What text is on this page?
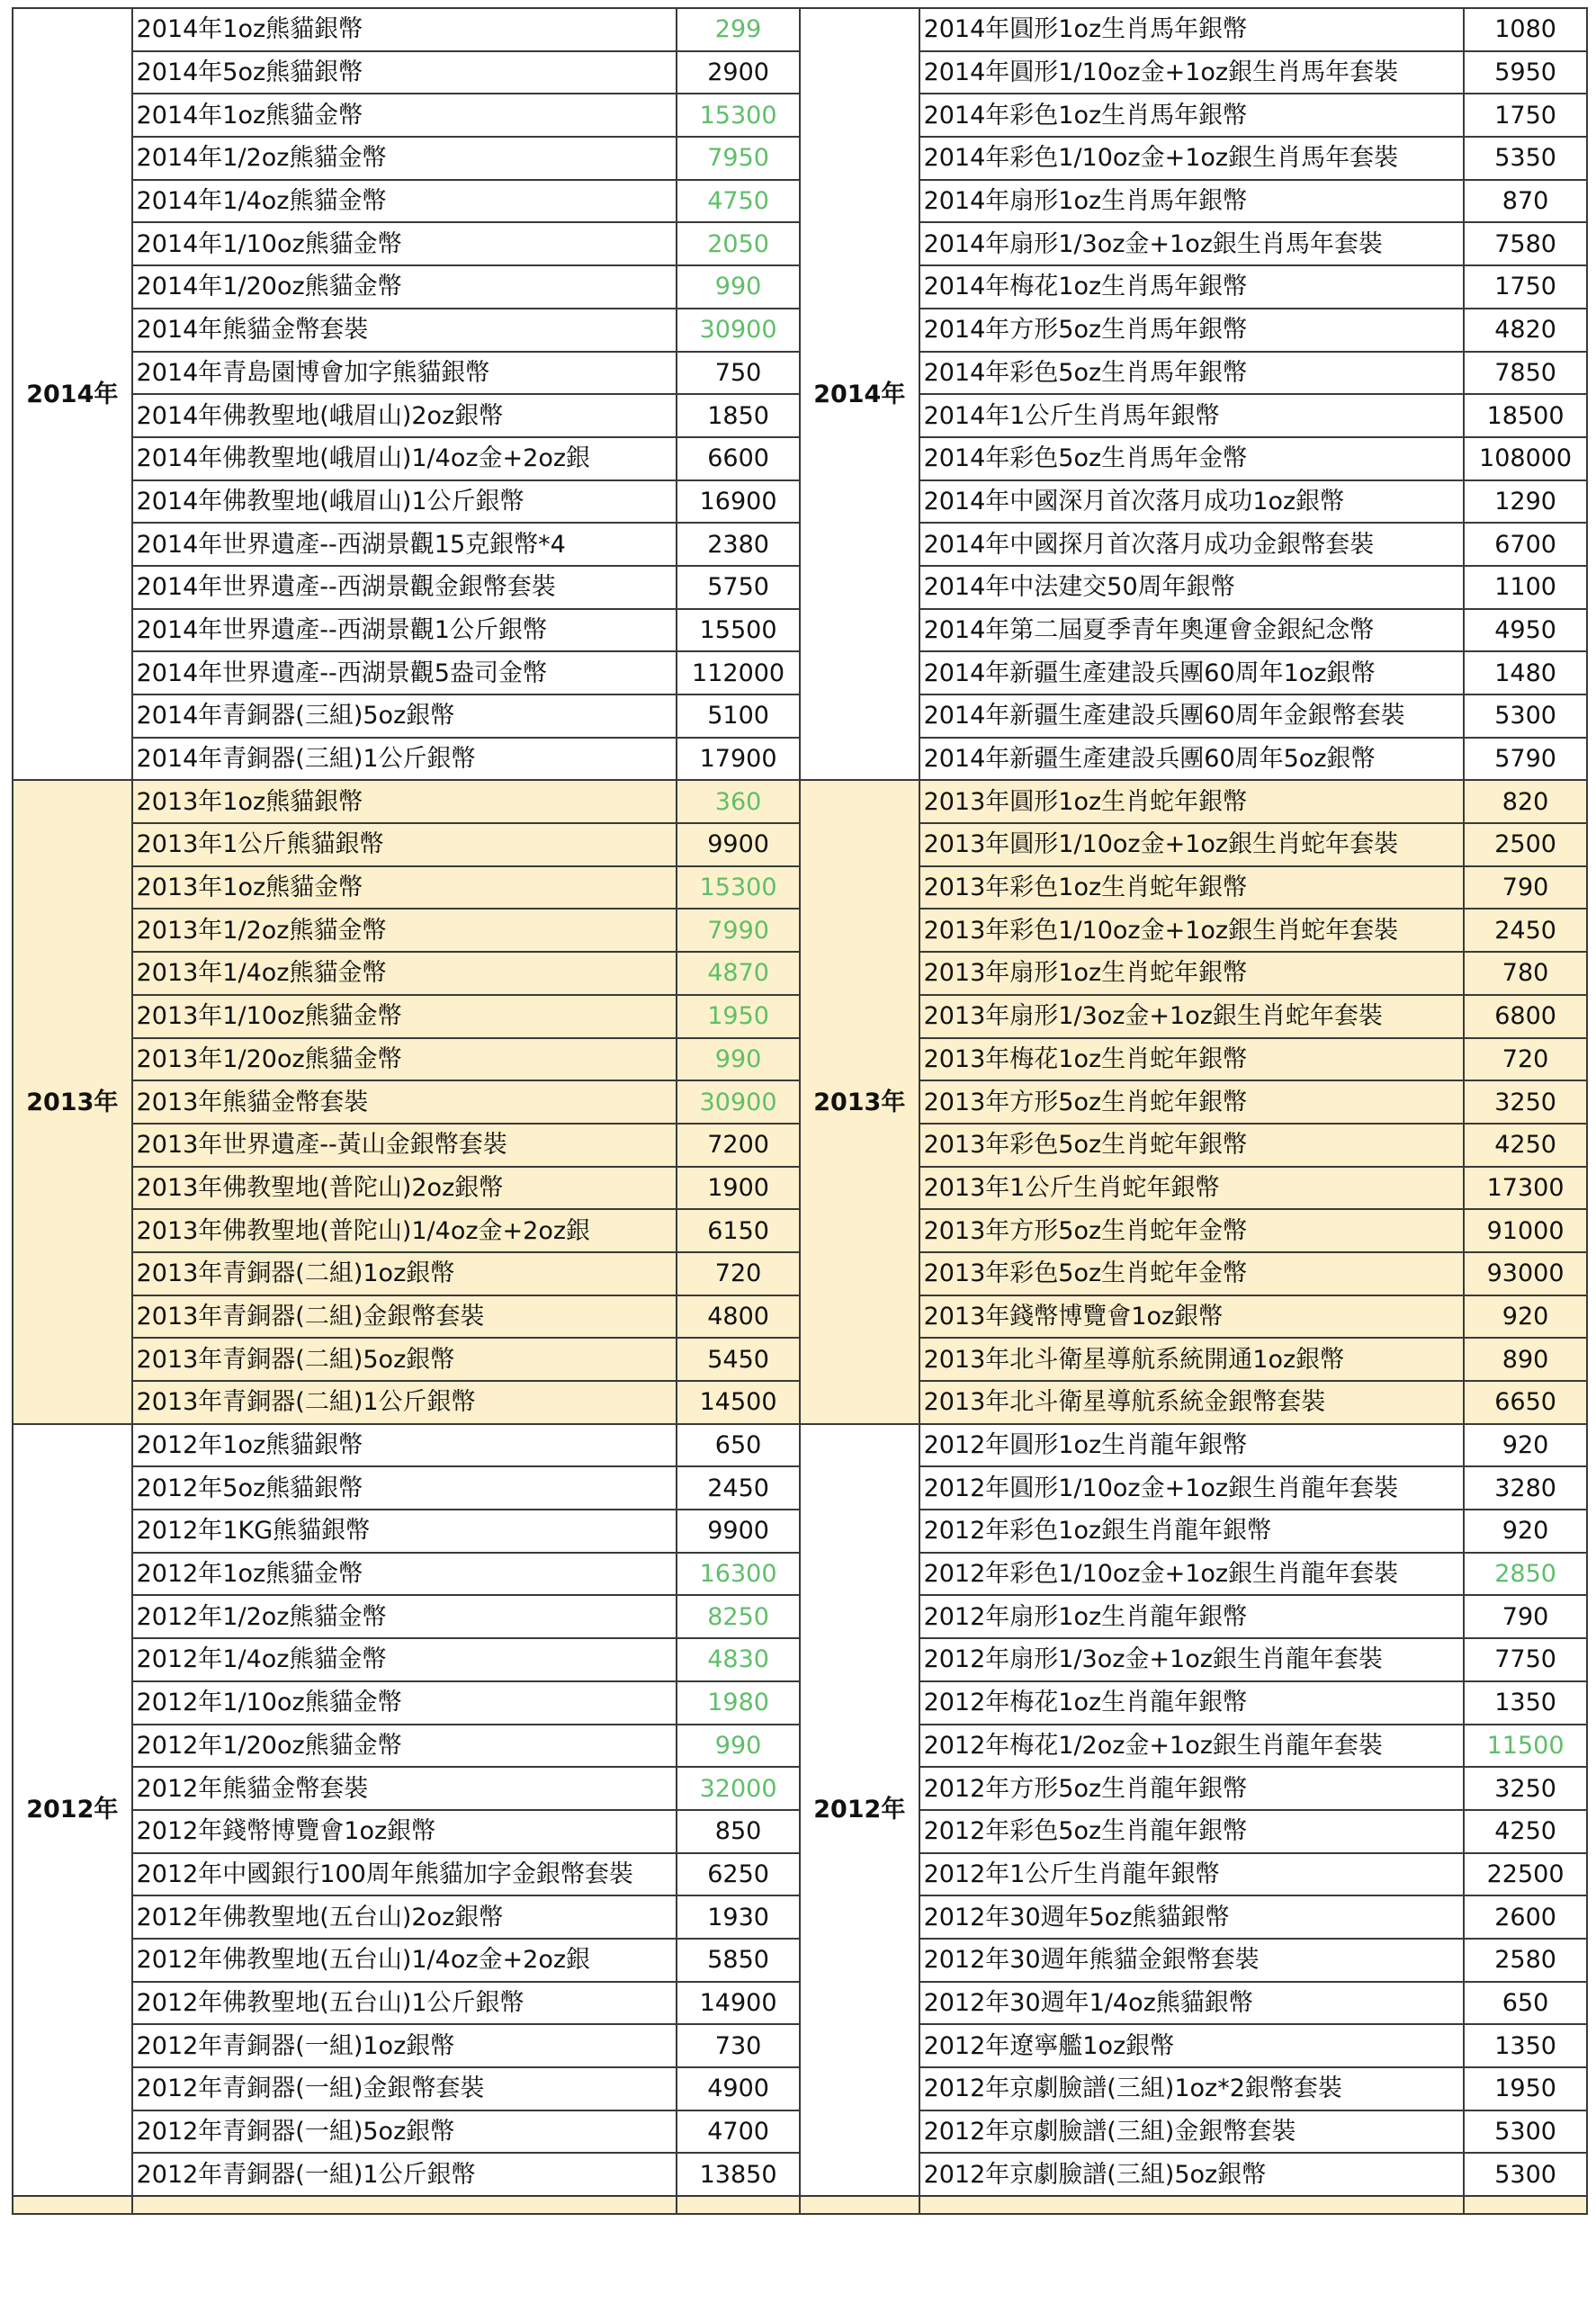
2014年	2014年1oz熊貓銀幣	299	2014年	2014年圓形1oz生肖馬年銀幣	1080
	2014年5oz熊貓銀幣	2900		2014年圓形1/10oz金+1oz銀生肖馬年套裝	5950
	2014年1oz熊貓金幣	15300		2014年彩色1oz生肖馬年銀幣	1750
	2014年1/2oz熊貓金幣	7950		2014年彩色1/10oz金+1oz銀生肖馬年套裝	5350
	2014年1/4oz熊貓金幣	4750		2014年扇形1oz生肖馬年銀幣	870
	2014年1/10oz熊貓金幣	2050		2014年扇形1/3oz金+1oz銀生肖馬年套裝	7580
	2014年1/20oz熊貓金幣	990		2014年梅花1oz生肖馬年銀幣	1750
	2014年熊貓金幣套裝	30900		2014年方形5oz生肖馬年銀幣	4820
	2014年青島園博會加字熊貓銀幣	750		2014年彩色5oz生肖馬年銀幣	7850
	2014年佛教聖地(峨眉山)2oz銀幣	1850		2014年1公斤生肖馬年銀幣	18500
	2014年佛教聖地(峨眉山)1/4oz金+2oz銀	6600		2014年彩色5oz生肖馬年金幣	108000
	2014年佛教聖地(峨眉山)1公斤銀幣	16900		2014年中國深月首次落月成功1oz銀幣	1290
	2014年世界遺產--西湖景觀15克銀幣*4	2380		2014年中國探月首次落月成功金銀幣套裝	6700
	2014年世界遺產--西湖景觀金銀幣套裝	5750		2014年中法建交50周年銀幣	1100
	2014年世界遺產--西湖景觀1公斤銀幣	15500		2014年第二屆夏季青年奧運會金銀紀念幣	4950
	2014年世界遺產--西湖景觀5盎司金幣	112000		2014年新疆生產建設兵團60周年1oz銀幣	1480
	2014年青銅器(三組)5oz銀幣	5100		2014年新疆生產建設兵團60周年金銀幣套裝	5300
	2014年青銅器(三組)1公斤銀幣	17900		2014年新疆生產建設兵團60周年5oz銀幣	5790
2013年	2013年1oz熊貓銀幣	360	2013年	2013年圓形1oz生肖蛇年銀幣	820
	2013年1公斤熊貓銀幣	9900		2013年圓形1/10oz金+1oz銀生肖蛇年套裝	2500
	2013年1oz熊貓金幣	15300		2013年彩色1oz生肖蛇年銀幣	790
	2013年1/2oz熊貓金幣	7990		2013年彩色1/10oz金+1oz銀生肖蛇年套裝	2450
	2013年1/4oz熊貓金幣	4870		2013年扇形1oz生肖蛇年銀幣	780
	2013年1/10oz熊貓金幣	1950		2013年扇形1/3oz金+1oz銀生肖蛇年套裝	6800
	2013年1/20oz熊貓金幣	990		2013年梅花1oz生肖蛇年銀幣	720
	2013年熊貓金幣套裝	30900		2013年方形5oz生肖蛇年銀幣	3250
	2013年世界遺產--黃山金銀幣套裝	7200		2013年彩色5oz生肖蛇年銀幣	4250
	2013年佛教聖地(普陀山)2oz銀幣	1900		2013年1公斤生肖蛇年銀幣	17300
	2013年佛教聖地(普陀山)1/4oz金+2oz銀	6150		2013年方形5oz生肖蛇年金幣	91000
	2013年青銅器(二組)1oz銀幣	720		2013年彩色5oz生肖蛇年金幣	93000
	2013年青銅器(二組)金銀幣套裝	4800		2013年錢幣博覽會1oz銀幣	920
	2013年青銅器(二組)5oz銀幣	5450		2013年北斗衛星導航系統開通1oz銀幣	890
	2013年青銅器(二組)1公斤銀幣	14500		2013年北斗衛星導航系統金銀幣套裝	6650
2012年	2012年1oz熊貓銀幣	650	2012年	2012年圓形1oz生肖龍年銀幣	920
	2012年5oz熊貓銀幣	2450		2012年圓形1/10oz金+1oz銀生肖龍年套裝	3280
	2012年1KG熊貓銀幣	9900		2012年彩色1oz銀生肖龍年銀幣	920
	2012年1oz熊貓金幣	16300		2012年彩色1/10oz金+1oz銀生肖龍年套裝	2850
	2012年1/2oz熊貓金幣	8250		2012年扇形1oz生肖龍年銀幣	790
	2012年1/4oz熊貓金幣	4830		2012年扇形1/3oz金+1oz銀生肖龍年套裝	7750
	2012年1/10oz熊貓金幣	1980		2012年梅花1oz生肖龍年銀幣	1350
	2012年1/20oz熊貓金幣	990		2012年梅花1/2oz金+1oz銀生肖龍年套裝	11500
	2012年熊貓金幣套裝	32000		2012年方形5oz生肖龍年銀幣	3250
	2012年錢幣博覽會1oz銀幣	850		2012年彩色5oz生肖龍年銀幣	4250
	2012年中國銀行100周年熊貓加字金銀幣套裝	6250		2012年1公斤生肖龍年銀幣	22500
	2012年佛教聖地(五台山)2oz銀幣	1930		2012年30週年5oz熊貓銀幣	2600
	2012年佛教聖地(五台山)1/4oz金+2oz銀	5850		2012年30週年熊貓金銀幣套裝	2580
	2012年佛教聖地(五台山)1公斤銀幣	14900		2012年30週年1/4oz熊貓銀幣	650
	2012年青銅器(一組)1oz銀幣	730		2012年遼寧艦1oz銀幣	1350
	2012年青銅器(一組)金銀幣套裝	4900		2012年京劇臉譜(三組)1oz*2銀幣套裝	1950
	2012年青銅器(一組)5oz銀幣	4700		2012年京劇臉譜(三組)金銀幣套裝	5300
	2012年青銅器(一組)1公斤銀幣	13850		2012年京劇臉譜(三組)5oz銀幣	5300
